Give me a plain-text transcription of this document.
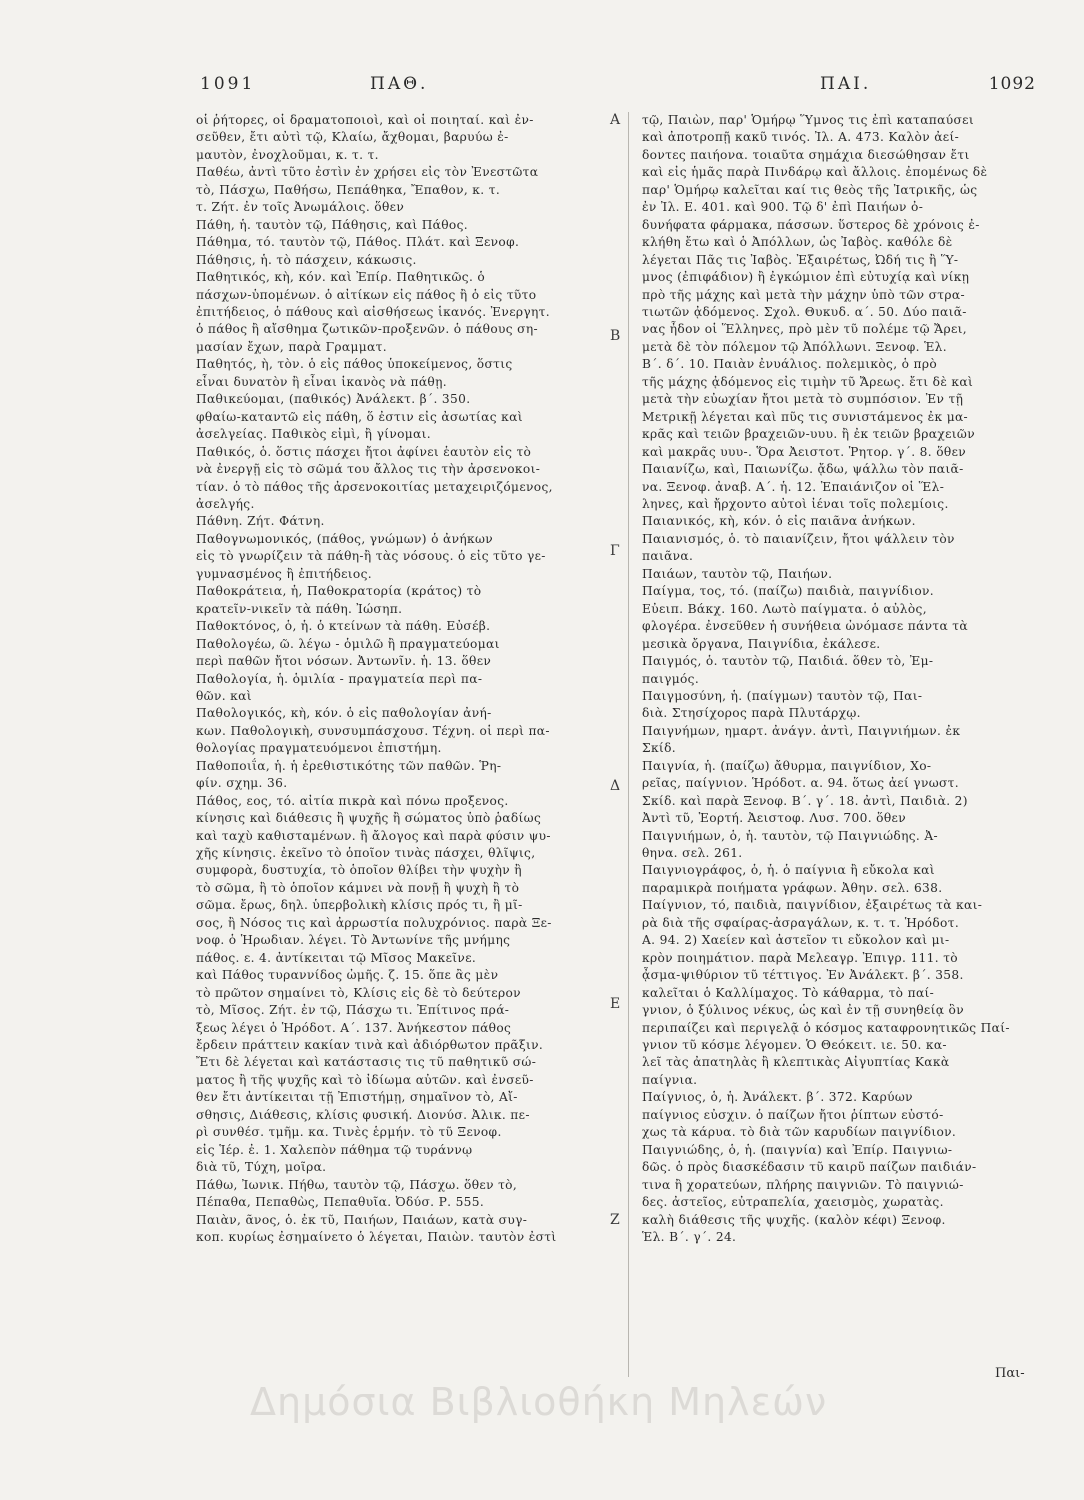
1091	ΠΑΘ.	ΠΑΙ.	1092

οἱ ῥήτορες, οἱ δραματοποιοὶ, καὶ οἱ ποιηταί. καὶ ἐν-

σεῦθεν, ἔτι αὐτὶ τῷ, Κλαίω, ἄχθομαι, βαρυύω ἐ-

μαυτὸν, ἐνοχλοῦμαι, κ. τ. τ.

Παθέω, ἀντὶ τῦτο ἐστὶν ἐν χρήσει εἰς τὸν Ἐνεστῶτα

τὸ, Πάσχω, Παθήσω, Πεπάθηκα, Ἔπαθον, κ. τ.

τ. Ζήτ. ἐν τοῖς Ἀνωμάλοις. ὅθεν

Πάθη, ἡ. ταυτὸν τῷ, Πάθησις, καὶ Πάθος.

Πάθημα, τό. ταυτὸν τῷ, Πάθος. Πλάτ. καὶ Ξενοφ.

Πάθησις, ἡ. τὸ πάσχειν, κάκωσις.

Παθητικός, κὴ, κόν. καὶ Ἐπίρ. Παθητικῶς. ὁ

πάσχων-ὑπομένων. ὁ αἰτίκων εἰς πάθος ἢ ὁ εἰς τῦτο

ἐπιτήδειος, ὁ πάθους καὶ αἰσθήσεως ἱκανός. Ἐνεργητ.

ὁ πάθος ἢ αἴσθημα ζωτικῶν-προξενῶν. ὁ πάθους ση-

μασίαν ἔχων, παρὰ Γραμματ.

Παθητός, ὴ, τὸν. ὁ εἰς πάθος ὑποκείμενος, ὅστις

εἶναι δυνατὸν ἢ εἶναι ἱκανὸς νὰ πάθῃ.

Παθικεύομαι, (παθικός) Ἀνάλεκτ. β΄. 350.

φθαίω-καταντῶ εἰς πάθη, ὅ ἐστιν εἰς ἀσωτίας καὶ

ἀσελγείας. Παθικὸς εἰμὶ, ἢ γίνομαι.

Παθικός, ὁ. ὅστις πάσχει ἤτοι ἀφίνει ἑαυτὸν εἰς τὸ

νὰ ἐνεργῇ εἰς τὸ σῶμά του ἄλλος τις τὴν ἀρσενοκοι-

τίαν. ὁ τὸ πάθος τῆς ἀρσενοκοιτίας μεταχειριζόμενος,

ἀσελγής.

Πάθνη. Ζήτ. Φάτνη.

Παθογνωμονικός, (πάθος, γνώμων) ὁ ἀνήκων

εἰς τὸ γνωρίζειν τὰ πάθη-ἢ τὰς νόσους. ὁ εἰς τῦτο γε-

γυμνασμένος ἢ ἐπιτήδειος.

Παθοκράτεια, ἡ, Παθοκρατορία (κράτος) τὸ

κρατεῖν-νικεῖν τὰ πάθη. Ἰώσηπ.

Παθοκτόνος, ὁ, ἡ. ὁ κτείνων τὰ πάθη. Εὐσέβ.

Παθολογέω, ῶ. λέγω - ὁμιλῶ ἢ πραγματεύομαι

περὶ παθῶν ἤτοι νόσων. Ἀντωνῖν. ἡ. 13. ὅθεν

Παθολογία, ἡ. ὁμιλία - πραγματεία περὶ πα-

θῶν. καὶ

Παθολογικός, κὴ, κόν. ὁ εἰς παθολογίαν ἀνή-

κων. Παθολογικὴ, συνσυμπάσχουσ. Τέχνη. οἱ περὶ πα-

θολογίας πραγματευόμενοι ἐπιστήμη.

Παθοποιΐα, ἡ. ἡ ἐρεθιστικότης τῶν παθῶν. Ῥη-

φίν. σχημ. 36.

Πάθος, εος, τό. αἰτία πικρὰ καὶ πόνω προξενος.

κίνησις καὶ διάθεσις ἢ ψυχῆς ἢ σώματος ὑπὸ ῥαδίως

καὶ ταχὺ καθισταμένων. ἢ ἄλογος καὶ παρὰ φύσιν ψυ-

χῆς κίνησις. ἐκεῖνο τὸ ὁποῖον τινὰς πάσχει, θλῖψις,

συμφορὰ, δυστυχία, τὸ ὁποῖον θλίβει τὴν ψυχὴν ἢ

τὸ σῶμα, ἢ τὸ ὁποῖον κάμνει νὰ πονῇ ἢ ψυχὴ ἢ τὸ

σῶμα. ἔρως, δηλ. ὑπερβολικὴ κλίσις πρός τι, ἢ μῖ-

σος, ἢ Νόσος τις καὶ ἀρρωστία πολυχρόνιος. παρὰ Ξε-

νοφ. ὁ Ἡρωδιαν. λέγει. Τὸ Ἀντωνίνε τῆς μνήμης

πάθος. ε. 4. ἀντίκειται τῷ Μῖσος Μακεῖνε.

καὶ Πάθος τυραννίδος ὠμῆς. ζ. 15. ὅπε ἂς μὲν

τὸ πρῶτον σημαίνει τὸ, Κλίσις εἰς δὲ τὸ δεύτερον

τὸ, Μῖσος. Ζήτ. ἐν τῷ, Πάσχω τι. Ἐπίτινος πρά-

ξεως λέγει ὁ Ἡρόδοτ. Α΄. 137. Ἀνήκεστον πάθος

ἔρδειν πράττειν κακίαν τινὰ καὶ ἀδιόρθωτον πρᾶξιν.

Ἔτι δὲ λέγεται καὶ κατάστασις τις τῦ παθητικῦ σώ-

ματος ἢ τῆς ψυχῆς καὶ τὸ ἰδίωμα αὐτῶν. καὶ ἐνσεῦ-

θεν ἔτι ἀντίκειται τῇ Ἐπιστήμῃ, σημαῖνον τὸ, Αἴ-

σθησις, Διάθεσις, κλίσις φυσική. Διονύσ. Ἀλικ. πε-

ρὶ συνθέσ. τμῆμ. κα. Τινὲς ἑρμήν. τὸ τῦ Ξενοφ.

εἰς Ἱέρ. ἐ. 1. Χαλεπὸν πάθημα τῷ τυράννῳ

διὰ τῦ, Τύχη, μοῖρα.

Πάθω, Ἰωνικ. Πήθω, ταυτὸν τῷ, Πάσχω. ὅθεν τὸ,

Πέπαθα, Πεπαθὼς, Πεπαθυῖα. Ὀδύσ. Ρ. 555.

Παιὰν, ᾶνος, ὁ. ἐκ τῦ, Παιήων, Παιάων, κατὰ συγ-

κοπ. κυρίως ἐσημαίνετο ὁ λέγεται, Παιὼν. ταυτὸν ἐστὶ

τῷ, Παιὼν, παρ' Ὁμήρῳ Ὕμνος τις ἐπὶ καταπαύσει

καὶ ἀποτροπῇ κακῦ τινός. Ἰλ. Α. 473. Καλὸν ἀεί-

δοντες παιήονα. τοιαῦτα σημάχια διεσώθησαν ἔτι

καὶ εἰς ἡμᾶς παρὰ Πινδάρῳ καὶ ἄλλοις. ἐπομένως δὲ

παρ' Ὁμήρῳ καλεῖται καί τις θεὸς τῆς Ἰατρικῆς, ὡς

ἐν Ἰλ. Ε. 401. καὶ 900. Τῷ δ' ἐπὶ Παιήων ὀ-

δυνήφατα φάρμακα, πάσσων. ὕστερος δὲ χρόνοις ἐ-

κλήθη ἔτω καὶ ὁ Ἀπόλλων, ὡς Ἰαβὸς. καθόλε δὲ

λέγεται Πᾶς τις Ἰαβὸς. Ἐξαιρέτως, Ὠδή τις ἢ Ὕ-

μνος (ἐπιφάδιον) ἢ ἐγκώμιον ἐπὶ εὐτυχίᾳ καὶ νίκῃ

πρὸ τῆς μάχης καὶ μετὰ τὴν μάχην ὑπὸ τῶν στρα-

τιωτῶν ᾀδόμενος. Σχολ. Θυκυδ. α΄. 50. Δύο παιᾶ-

νας ἦδον οἱ Ἕλληνες, πρὸ μὲν τῦ πολέμε τῷ Ἄρει,

μετὰ δὲ τὸν πόλεμον τῷ Ἀπόλλωνι. Ξενοφ. Ἑλ.

Β΄. δ΄. 10. Παιὰν ἐνυάλιος. πολεμικὸς, ὁ πρὸ

τῆς μάχης ᾀδόμενος εἰς τιμὴν τῦ Ἄρεως. ἔτι δὲ καὶ

μετὰ τὴν εὐωχίαν ἤτοι μετὰ τὸ συμπόσιον. Ἐν τῇ

Μετρικῇ λέγεται καὶ πῦς τις συνιστάμενος ἐκ μα-

κρᾶς καὶ τειῶν βραχειῶν-υυυ. ἢ ἐκ τειῶν βραχειῶν

καὶ μακρᾶς υυυ-. Ὅρα Ἀειστοτ. Ῥητορ. γ΄. 8. ὅθεν

Παιανίζω, καὶ, Παιωνίζω. ᾄδω, ψάλλω τὸν παιᾶ-

να. Ξενοφ. ἀναβ. Α΄. ἡ. 12. Ἐπαιάνιζον οἱ Ἕλ-

ληνες, καὶ ἤρχοντο αὐτοὶ ἰέναι τοῖς πολεμίοις.

Παιανικός, κὴ, κόν. ὁ εἰς παιᾶνα ἀνήκων.

Παιανισμός, ὁ. τὸ παιανίζειν, ἤτοι ψάλλειν τὸν

παιᾶνα.

Παιάων, ταυτὸν τῷ, Παιήων.

Παίγμα, τος, τό. (παίζω) παιδιὰ, παιγνίδιον.

Εὐειπ. Βάκχ. 160. Λωτὸ παίγματα. ὁ αὐλὸς,

φλογέρα. ἐνσεῦθεν ἡ συνήθεια ὠνόμασε πάντα τὰ

μεσικὰ ὄργανα, Παιγνίδια, ἐκάλεσε.

Παιγμός, ὁ. ταυτὸν τῷ, Παιδιά. ὅθεν τὸ, Ἐμ-

παιγμός.

Παιγμοσύνη, ἡ. (παίγμων) ταυτὸν τῷ, Παι-

διὰ. Στησίχορος παρὰ Πλυτάρχῳ.

Παιγνήμων, ημαρτ. ἀνάγν. ἀντὶ, Παιγνιήμων. ἐκ

Σκίδ.

Παιγνία, ἡ. (παίζω) ἄθυρμα, παιγνίδιον, Χο-

ρεῖας, παίγνιον. Ἡρόδοτ. α. 94. ὅτως ἀεί γνωστ.

Σκίδ. καὶ παρὰ Ξενοφ. Β΄. γ΄. 18. ἀντὶ, Παιδιὰ. 2)

Ἀντὶ τῦ, Ἑορτή. Ἀειστοφ. Λυσ. 700. ὅθεν

Παιγνιήμων, ὁ, ἡ. ταυτὸν, τῷ Παιγνιώδης. Ἀ-

θηνα. σελ. 261.

Παιγνιογράφος, ὁ, ἡ. ὁ παίγνια ἢ εὔκολα καὶ

παραμικρὰ ποιήματα γράφων. Ἀθην. σελ. 638.

Παίγνιον, τό, παιδιὰ, παιγνίδιον, ἐξαιρέτως τὰ και-

ρὰ διὰ τῆς σφαίρας-ἀσραγάλων, κ. τ. τ. Ἡρόδοτ.

Α. 94. 2) Χαείεν καὶ ἀστεῖον τι εὔκολον καὶ μι-

κρὸν ποιημάτιον. παρὰ Μελεαγρ. Ἐπιγρ. 111. τὸ

ᾆσμα-ψιθύριον τῦ τέττιγος. Ἐν Ἀνάλεκτ. β΄. 358.

καλεῖται ὁ Καλλίμαχος. Τὸ κάθαρμα, τὸ παί-

γνιον, ὁ ξύλινος νέκυς, ὡς καὶ ἐν τῇ συνηθείᾳ ὃν

περιπαίζει καὶ περιγελᾷ ὁ κόσμος καταφρονητικῶς Παί-

γνιον τῦ κόσμε λέγομεν. Ὁ Θεόκειτ. ιε. 50. κα-

λεῖ τὰς ἀπατηλὰς ἢ κλεπτικὰς Αἰγυπτίας Κακὰ

παίγνια.

Παίγνιος, ὁ, ἡ. Ἀνάλεκτ. β΄. 372. Καρύων

παίγνιος εὐσχιν. ὁ παίζων ἤτοι ῥίπτων εὐστό-

χως τὰ κάρυα. τὸ διὰ τῶν καρυδίων παιγνίδιον.

Παιγνιώδης, ὁ, ἡ. (παιγνία) καὶ Ἐπίρ. Παιγνιω-

δῶς. ὁ πρὸς διασκέδασιν τῦ καιρῦ παίζων παιδιάν-

τινα ἢ χορατεύων, πλήρης παιγνιῶν. Τὸ παιγνιώ-

δες. ἀστεῖος, εὐτραπελία, χαεισμὸς, χωρατὰς.

καλὴ διάθεσις τῆς ψυχῆς. (καλὸν κέφι) Ξενοφ.

Ἑλ. Β΄. γ΄. 24.

Α
Β
Γ
Δ
Ε
Ζ
Παι-
Δημόσια Βιβλιοθήκη Μηλεών
